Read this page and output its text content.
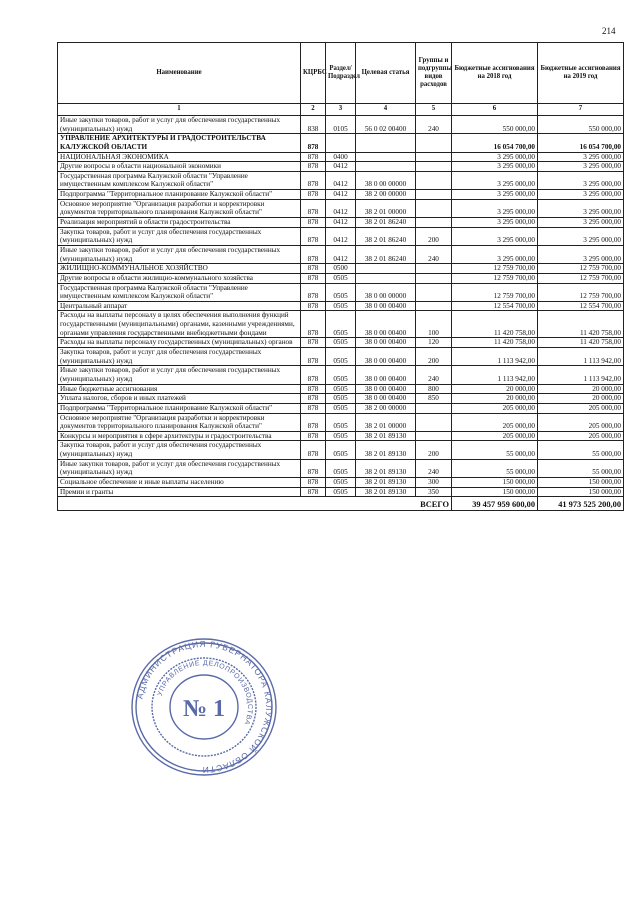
214
Наименование	КЦРБС	Раздел/ Подраздел	Целевая статья	Группы и подгруппы видов расходов	Бюджетные ассигнования на 2018 год	Бюджетные ассигнования на 2019 год
1	2	3	4	5	6	7
Иные закупки товаров, работ и услуг для обеспечения государственных (муниципальных) нужд	838	0105	56 0 02 00400	240	550 000,00	550 000,00
УПРАВЛЕНИЕ АРХИТЕКТУРЫ И ГРАДОСТРОИТЕЛЬСТВА КАЛУЖСКОЙ ОБЛАСТИ	878				16 054 700,00	16 054 700,00
НАЦИОНАЛЬНАЯ ЭКОНОМИКА	878	0400			3 295 000,00	3 295 000,00
Другие вопросы в области национальной экономики	878	0412			3 295 000,00	3 295 000,00
Государственная программа Калужской области "Управление имущественным комплексом Калужской области"	878	0412	38 0 00 00000		3 295 000,00	3 295 000,00
Подпрограмма "Территориальное планирование Калужской области"	878	0412	38 2 00 00000		3 295 000,00	3 295 000,00
Основное мероприятие "Организация разработки и корректировки документов территориального планирования Калужской области"	878	0412	38 2 01 00000		3 295 000,00	3 295 000,00
Реализация мероприятий в области градостроительства	878	0412	38 2 01 86240		3 295 000,00	3 295 000,00
Закупка товаров, работ и услуг для обеспечения государственных (муниципальных) нужд	878	0412	38 2 01 86240	200	3 295 000,00	3 295 000,00
Иные закупки товаров, работ и услуг для обеспечения государственных (муниципальных) нужд	878	0412	38 2 01 86240	240	3 295 000,00	3 295 000,00
ЖИЛИЩНО-КОММУНАЛЬНОЕ ХОЗЯЙСТВО	878	0500			12 759 700,00	12 759 700,00
Другие вопросы в области жилищно-коммунального хозяйства	878	0505			12 759 700,00	12 759 700,00
Государственная программа Калужской области "Управление имущественным комплексом Калужской области"	878	0505	38 0 00 00000		12 759 700,00	12 759 700,00
Центральный аппарат	878	0505	38 0 00 00400		12 554 700,00	12 554 700,00
Расходы на выплаты персоналу в целях обеспечения выполнения функций государственными (муниципальными) органами, казенными учреждениями, органами управления государственными внебюджетными фондами	878	0505	38 0 00 00400	100	11 420 758,00	11 420 758,00
Расходы на выплаты персоналу государственных (муниципальных) органов	878	0505	38 0 00 00400	120	11 420 758,00	11 420 758,00
Закупка товаров, работ и услуг для обеспечения государственных (муниципальных) нужд	878	0505	38 0 00 00400	200	1 113 942,00	1 113 942,00
Иные закупки товаров, работ и услуг для обеспечения государственных (муниципальных) нужд	878	0505	38 0 00 00400	240	1 113 942,00	1 113 942,00
Иные бюджетные ассигнования	878	0505	38 0 00 00400	800	20 000,00	20 000,00
Уплата налогов, сборов и иных платежей	878	0505	38 0 00 00400	850	20 000,00	20 000,00
Подпрограмма "Территориальное планирование Калужской области"	878	0505	38 2 00 00000		205 000,00	205 000,00
Основное мероприятие "Организация разработки и корректировки документов территориального планирования Калужской области"	878	0505	38 2 01 00000		205 000,00	205 000,00
Конкурсы и мероприятия в сфере архитектуры и градостроительства	878	0505	38 2 01 89130		205 000,00	205 000,00
Закупка товаров, работ и услуг для обеспечения государственных (муниципальных) нужд	878	0505	38 2 01 89130	200	55 000,00	55 000,00
Иные закупки товаров, работ и услуг для обеспечения государственных (муниципальных) нужд	878	0505	38 2 01 89130	240	55 000,00	55 000,00
Социальное обеспечение и иные выплаты населению	878	0505	38 2 01 89130	300	150 000,00	150 000,00
Премии и гранты	878	0505	38 2 01 89130	350	150 000,00	150 000,00
ВСЕГО					39 457 959 600,00	41 973 525 200,00
АДМИНИСТРАЦИЯ ГУБЕРНАТОРА КАЛУЖСКОЙ ОБЛАСТИ
УПРАВЛЕНИЕ ДЕЛОПРОИЗВОДСТВА
№ 1
